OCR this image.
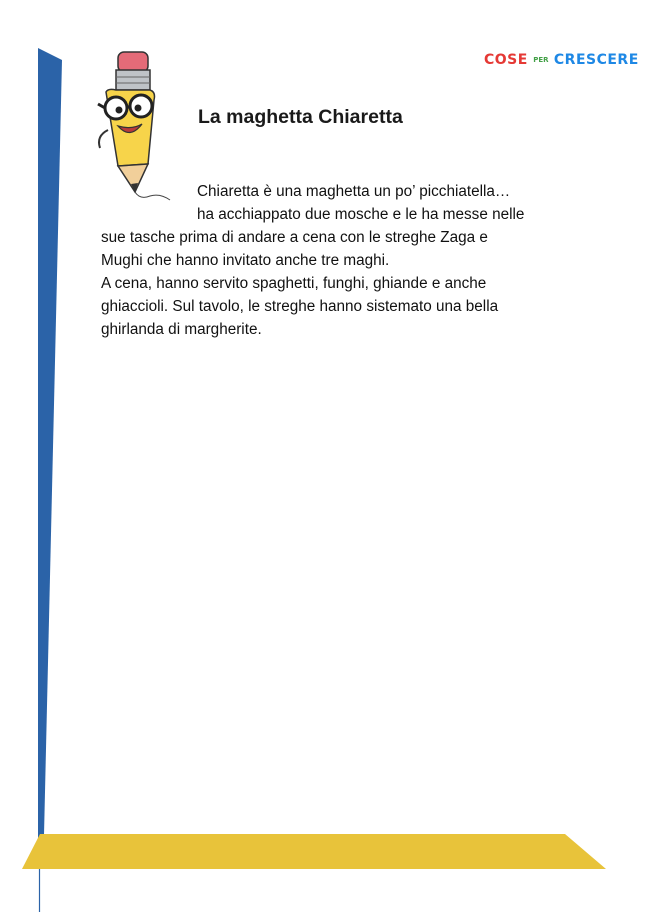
COSE PER CRESCERE
La maghetta Chiaretta

Chiaretta è una maghetta un po’ picchiatella…

ha acchiappato due mosche e le ha messe nelle

sue tasche prima di andare a cena con le streghe Zaga e

Mughi che hanno invitato anche tre maghi.

A cena, hanno servito spaghetti, funghi, ghiande e anche

ghiaccioli. Sul tavolo, le streghe hanno sistemato una bella

ghirlanda di margherite.
